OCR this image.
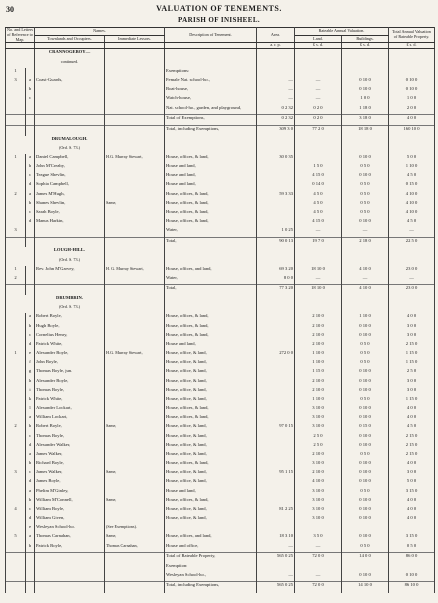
30	VALUATION OF TENEMENTS.
PARISH OF INISHEEL.
No. and Letters of Reference to Map.		Names.		Description of Tenement.	Area.	Rateable Annual Valuation.		Total Annual Valuation of Rateable Property.
		Townlands and Occupiers.	Immediate Lessors.			Land.	Buildings.	
					a. r. p.	£ s. d.	£ s. d.	£ s. d.
		CRANNOGEBOY—						
		continued.						
1				Exemptions:				
3	a	Coast-Guards,		Female Nat. school-ho.,	—	—	0 10 0	0 10 0
	b			Boat-house,	—	—	0 10 0	0 10 0
	c			Watch-house,	—	—	1 0 0	1 0 0
				Nat. school-ho., garden, and playground,	0 2 32	0 2 0	1 18 0	2 0 0
				Total of Exemptions,	0 2 32	0 2 0	3 18 0	4 0 0
				Total, including Exemptions,	309 3 0	77 2 0	18 18 0	160 10 0
		DRUMALOUGH.						
		(Ord. S. 73.)						
1	a	Daniel Campbell,	H.G. Murray Stewart,	House, offices, & land,	30 0 35		0 10 0	5 0 0
	b	John M'Creaby,		House and land,		1 5 0	0 5 0	1 10 0
	c	Teague Shevlin,		House and land,		4 15 0	0 10 0	4 5 0
	d	Sophia Campbell,		House and land,		0 14 0	0 5 0	0 15 0
2	a	James M'Hugh,		House, offices, & land,	59 3 33	4 5 0	0 5 0	4 10 0
	b	Shanes Shevlin,	Same,	House, offices, & land,		4 5 0	0 5 0	4 10 0
	c	Sarah Boyle,		House, offices, & land,		4 5 0	0 5 0	4 10 0
	d	Manus Harkin,		House, offices, & land,		4 15 0	0 10 0	4 5 0
3				Water,	1 0 25	—	—	—
				Total,	90 0 13	19 7 0	2 18 0	22 5 0
		LOUGH-HILL.						
		(Ord. S. 73.)						
1		Rev. John M'Garvey,	H. G. Murray Stewart,	House, offices, and land,	69 3 20	18 10 0	4 10 0	23 0 0
2				Water,	8 0 0	—	—	—
				Total,	77 3 20	18 10 0	4 10 0	23 0 0
		DRUMBRIN.						
		(Ord. S. 73.)						
	a	Robert Boyle,		House, offices, & land,		2 10 0	1 10 0	4 0 0
	b	Hugh Boyle,		House, offices, & land,		2 10 0	0 10 0	3 0 0
	c	Cornelius Henry,		House, offices, & land,		2 10 0	0 10 0	3 0 0
	d	Patrick White,		House and land,		2 10 0	0 5 0	2 15 0
1	e	Alexander Boyle,	H.G. Murray Stewart,	House, office, & land,	272 0 0	1 10 0	0 5 0	1 15 0
	f	John Boyle,		House, office, & land,		1 10 0	0 5 0	1 15 0
	g	Thomas Boyle, jun.		House, office, & land,		1 15 0	0 10 0	2 5 0
	h	Alexander Boyle,		House, office, & land,		2 10 0	0 10 0	3 0 0
	i	Thomas Boyle,		House, office, & land,		2 10 0	0 10 0	3 0 0
	k	Patrick White,		House, office, & land,		1 10 0	0 5 0	1 15 0
	l	Alexander Lockart,		House, offices, & land,		3 10 0	0 10 0	4 0 0
	a	William Lockart,		House, offices, & land,		3 10 0	0 10 0	4 0 0
2	b	Robert Boyle,	Same,	House, office, & land,	97 0 15	3 10 0	0 15 0	4 5 0
	c	Thomas Boyle,		House, office, & land,		2 5 0	0 10 0	2 15 0
	d	Alexander Walker,		House, office, & land,		2 5 0	0 10 0	2 15 0
	a	James Walker,		House, office, & land,		2 10 0	0 5 0	2 15 0
	b	Richard Boyle,		House, offices, & land,		3 10 0	0 10 0	4 0 0
3	c	James Walker,	Same,	House, office, & land,	95 1 15	2 10 0	0 10 0	3 0 0
	d	James Boyle,		House, office, & land,		4 10 0	0 10 0	5 0 0
	a	Phelim M'Ginley,		House and land,		3 10 0	0 5 0	3 15 0
	b	William M'Connell,	Same,	House, offices, & land,		3 10 0	0 10 0	4 0 0
4	c	William Boyle,		House, office, & land,	81 2 25	3 10 0	0 10 0	4 0 0
	d	William Given,		House, office, & land,		3 10 0	0 10 0	4 0 0
	e	Wesleyan School-ho.	(See Exemptions).					
5	a	Thomas Carnahan,	Same,	House, offices, and land,	18 3 10	3 5 0	0 10 0	3 15 0
	b	Patrick Boyle,	Thomas Carnahan,	House and office,	—	—	0 5 0	0 5 0
				Total of Rateable Property,	565 0 25	72 0 0	14 0 0	86 0 0
				Exemption:				
				Wesleyan School-ho.,	—	—	0 10 0	0 10 0
				Total, including Exemptions,	565 0 25	72 0 0	14 10 0	86 10 0
